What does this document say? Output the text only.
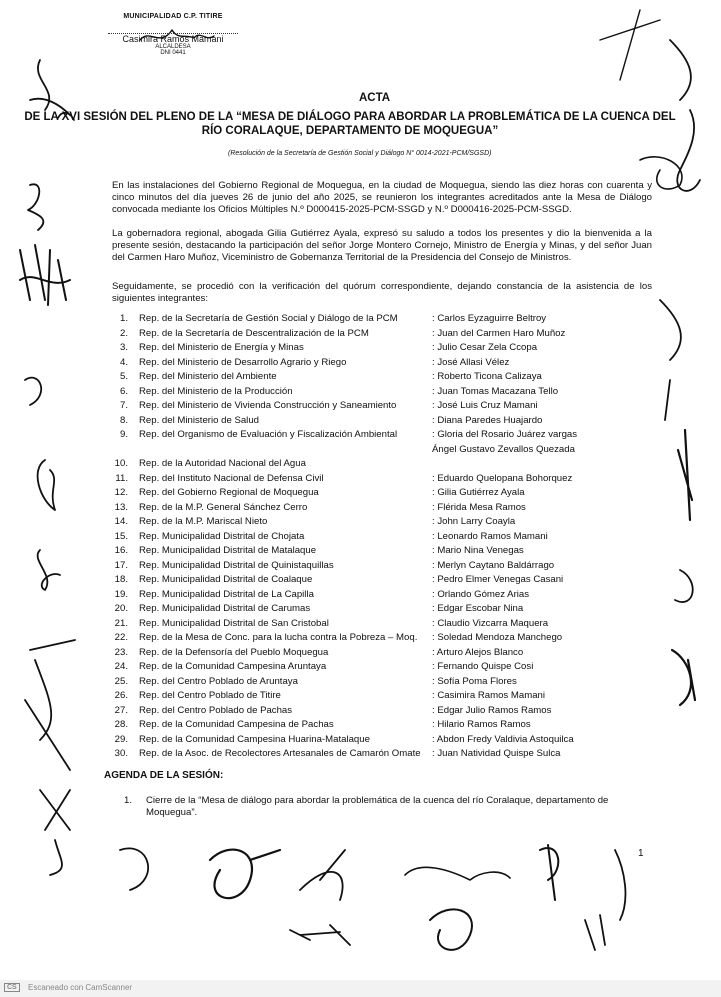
MUNICIPALIDAD C.P. TITIRE
Casimira Ramos Mamani
ALCALDESA
DNI 0441
ACTA
DE LA XVI SESIÓN DEL PLENO DE LA “MESA DE DIÁLOGO PARA ABORDAR LA PROBLEMÁTICA DE LA CUENCA DEL RÍO CORALAQUE, DEPARTAMENTO DE MOQUEGUA”
(Resolución de la Secretaría de Gestión Social y Diálogo N° 0014-2021-PCM/SGSD)
En las instalaciones del Gobierno Regional de Moquegua, en la ciudad de Moquegua, siendo las diez horas con cuarenta y cinco minutos del día jueves 26 de junio del año 2025, se reunieron los integrantes acreditados ante la Mesa de Diálogo convocada mediante los Oficios Múltiples N.º D000415-2025-PCM-SSGD y N.º D000416-2025-PCM-SSGD.
La gobernadora regional, abogada Gilia Gutiérrez Ayala, expresó su saludo a todos los presentes y dio la bienvenida a la presente sesión, destacando la participación del señor Jorge Montero Cornejo, Ministro de Energía y Minas, y del señor Juan del Carmen Haro Muñoz, Viceministro de Gobernanza Territorial de la Presidencia del Consejo de Ministros.
Seguidamente, se procedió con la verificación del quórum correspondiente, dejando constancia de la asistencia de los siguientes integrantes:
1. Rep. de la Secretaría de Gestión Social y Diálogo de la PCM	: Carlos Eyzaguirre Beltroy
2. Rep. de la Secretaría de Descentralización de la PCM	: Juan del Carmen Haro Muñoz
3. Rep. del Ministerio de Energía y Minas	: Julio Cesar Zela Ccopa
4. Rep. del Ministerio de Desarrollo Agrario y Riego	: José Allasi Vélez
5. Rep. del Ministerio del Ambiente	: Roberto Ticona Calizaya
6. Rep. del Ministerio de la Producción	: Juan Tomas Macazana Tello
7. Rep. del Ministerio de Vivienda Construcción y Saneamiento	: José Luis Cruz Mamani
8. Rep. del Ministerio de Salud	: Diana Paredes Huajardo
9. Rep. del Organismo de Evaluación y Fiscalización Ambiental	: Gloria del Rosario Juárez vargas
Ángel Gustavo Zevallos Quezada
10. Rep. de la Autoridad Nacional del Agua
11. Rep. del Instituto Nacional de Defensa Civil	: Eduardo Quelopana Bohorquez
12. Rep. del Gobierno Regional de Moquegua	: Gilia Gutiérrez Ayala
13. Rep. de la M.P. General Sánchez Cerro	: Flérida Mesa Ramos
14. Rep. de la M.P. Mariscal Nieto	: John Larry Coayla
15. Rep. Municipalidad Distrital de Chojata	: Leonardo Ramos Mamani
16. Rep. Municipalidad Distrital de Matalaque	: Mario Nina Venegas
17. Rep. Municipalidad Distrital de Quinistaquillas	: Merlyn Caytano Baldárrago
18. Rep. Municipalidad Distrital de Coalaque	: Pedro Elmer Venegas Casani
19. Rep. Municipalidad Distrital de La Capilla	: Orlando Gómez Arias
20. Rep. Municipalidad Distrital de Carumas	: Edgar Escobar Nina
21. Rep. Municipalidad Distrital de San Cristobal	: Claudio Vizcarra Maquera
22. Rep. de la Mesa de Conc. para la lucha contra la Pobreza – Moq. : Soledad Mendoza Manchego
23. Rep. de la Defensoría del Pueblo Moquegua	: Arturo Alejos Blanco
24. Rep. de la Comunidad Campesina Aruntaya	: Fernando Quispe Cosi
25. Rep. del Centro Poblado de Aruntaya	: Sofía Poma Flores
26. Rep. del Centro Poblado de Titire	: Casimira Ramos Mamani
27. Rep. del Centro Poblado de Pachas	: Edgar Julio Ramos Ramos
28. Rep. de la Comunidad Campesina de Pachas	: Hilario Ramos Ramos
29. Rep. de la Comunidad Campesina Huarina-Matalaque	: Abdon Fredy Valdivia Astoquilca
30. Rep. de la Asoc. de Recolectores Artesanales de Camarón Omate : Juan Natividad Quispe Sulca
AGENDA DE LA SESIÓN:
1. Cierre de la “Mesa de diálogo para abordar la problemática de la cuenca del río Coralaque, departamento de Moquegua”.
1
CS	Escaneado con CamScanner
